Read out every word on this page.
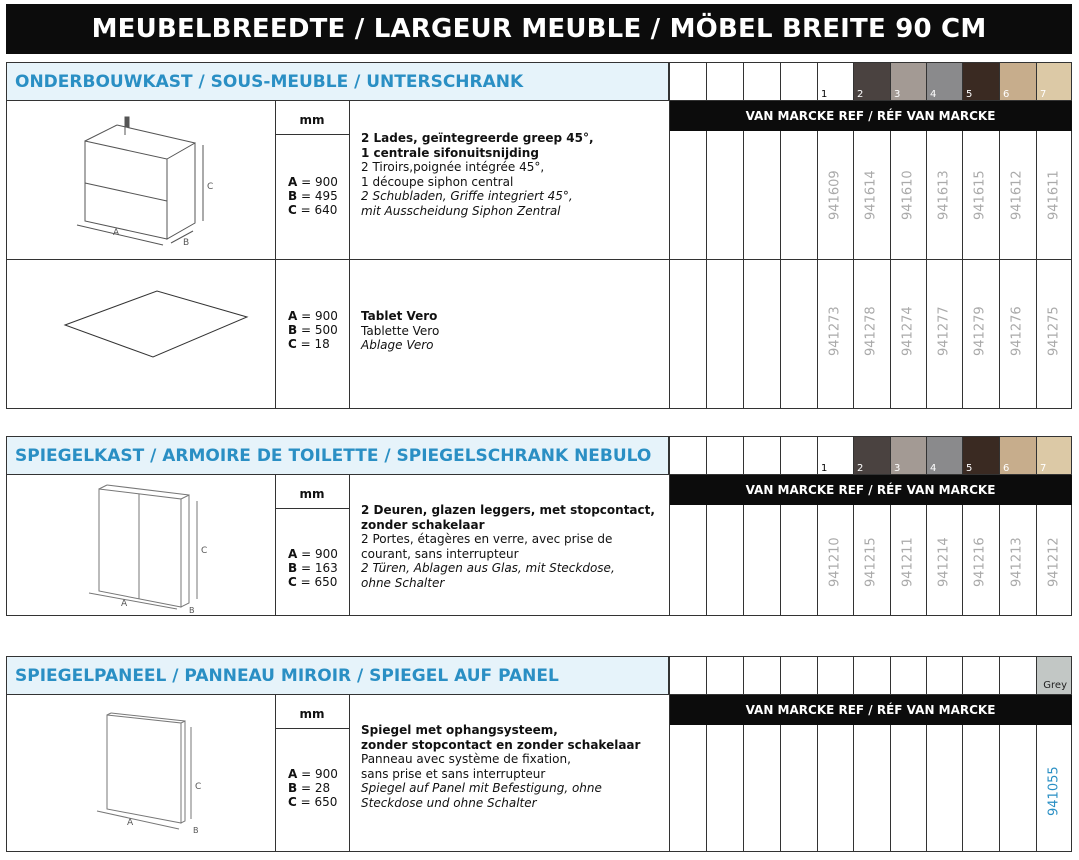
MEUBELBREEDTE / LARGEUR MEUBLE / MÖBEL BREITE 90 CM
ONDERBOUWKAST / SOUS-MEUBLE / UNTERSCHRANK
1	2	3	4	5	6	7
VAN MARCKE REF / RÉF VAN MARCKE
A
B
C
mm
A = 900
B = 495
C = 640
2 Lades, geïntegreerde greep 45°,
1 centrale sifonuitsnijding
2 Tiroirs,poignée intégrée 45°,
1 découpe siphon central
2 Schubladen, Griffe integriert 45°,
mit Ausscheidung Siphon Zentral	941609	941614	941610	941613	941615	941612	941611
A = 900
B = 500
C = 18
Tablet Vero
Tablette Vero
Ablage Vero	941273	941278	941274	941277	941279	941276	941275
SPIEGELKAST / ARMOIRE DE TOILETTE / SPIEGELSCHRANK NEBULO
1	2	3	4	5	6	7
VAN MARCKE REF / RÉF VAN MARCKE
A
B
C
mm
A = 900
B = 163
C = 650
2 Deuren, glazen leggers, met stopcontact,
zonder schakelaar
2 Portes, étagères en verre, avec prise de
courant, sans interrupteur
2 Türen, Ablagen aus Glas, mit Steckdose,
ohne Schalter	941210	941215	941211	941214	941216	941213	941212
SPIEGELPANEEL / PANNEAU MIROIR / SPIEGEL AUF PANEL	Grey
VAN MARCKE REF / RÉF VAN MARCKE
A
B
C
mm
A = 900
B = 28
C = 650
Spiegel met ophangsysteem,
zonder stopcontact en zonder schakelaar
Panneau avec système de fixation,
sans prise et sans interrupteur
Spiegel auf Panel mit Befestigung, ohne
Steckdose und ohne Schalter	941055
